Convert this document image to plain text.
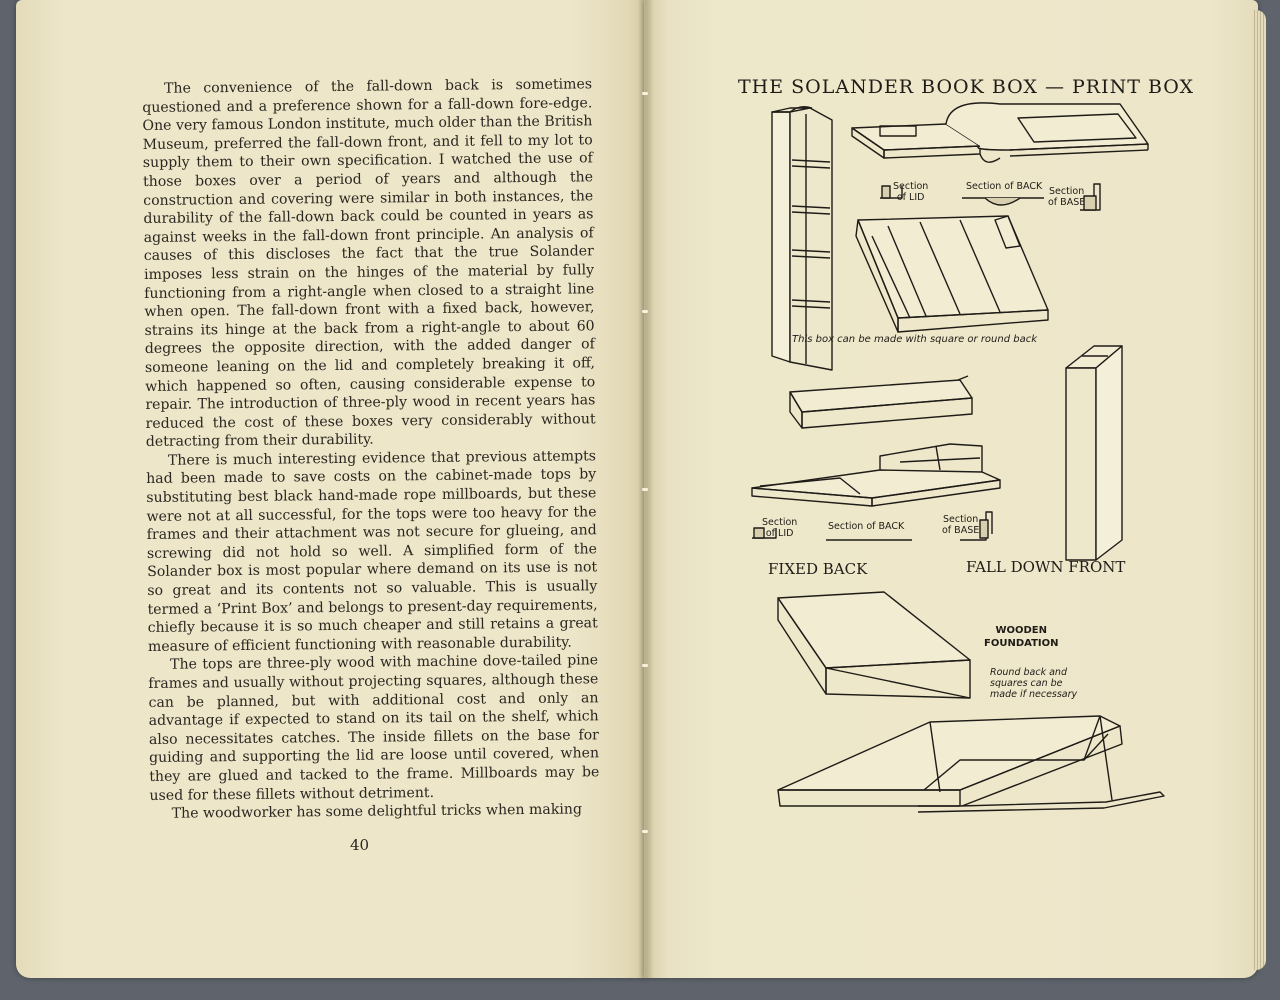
The convenience of the fall-down back is sometimes questioned and a preference shown for a fall-down fore-edge. One very famous London institute, much older than the British Museum, preferred the fall-down front, and it fell to my lot to supply them to their own specification. I watched the use of those boxes over a period of years and although the construction and covering were similar in both instances, the durability of the fall-down back could be counted in years as against weeks in the fall-down front principle. An analysis of causes of this discloses the fact that the true Solander imposes less strain on the hinges of the material by fully functioning from a right-angle when closed to a straight line when open. The fall-down front with a fixed back, however, strains its hinge at the back from a right-angle to about 60 degrees the opposite direction, with the added danger of someone leaning on the lid and completely breaking it off, which happened so often, causing considerable expense to repair. The introduction of three-ply wood in recent years has reduced the cost of these boxes very considerably without detracting from their durability.

There is much interesting evidence that previous attempts had been made to save costs on the cabinet-made tops by substituting best black hand-made rope millboards, but these were not at all successful, for the tops were too heavy for the frames and their attachment was not secure for glueing, and screwing did not hold so well. A simplified form of the Solander box is most popular where demand on its use is not so great and its contents not so valuable. This is usually termed a ‘Print Box’ and belongs to present-day requirements, chiefly because it is so much cheaper and still retains a great measure of efficient functioning with reasonable durability.

The tops are three-ply wood with machine dove-tailed pine frames and usually without projecting squares, although these can be planned, but with additional cost and only an advantage if expected to stand on its tail on the shelf, which also necessitates catches. The inside fillets on the base for guiding and supporting the lid are loose until covered, when they are glued and tacked to the frame. Millboards may be used for these fillets without detriment.

The woodworker has some delightful tricks when making

40
THE SOLANDER BOOK BOX — PRINT BOX
Section
of LID
Section of BACK Section
of BASE
This box can be made with square or round back
Section
of LID
Section of BACK
Section
of BASE
FIXED BACK	FALL DOWN FRONT
WOODEN
FOUNDATION
Round back and
squares can be
made if necessary
